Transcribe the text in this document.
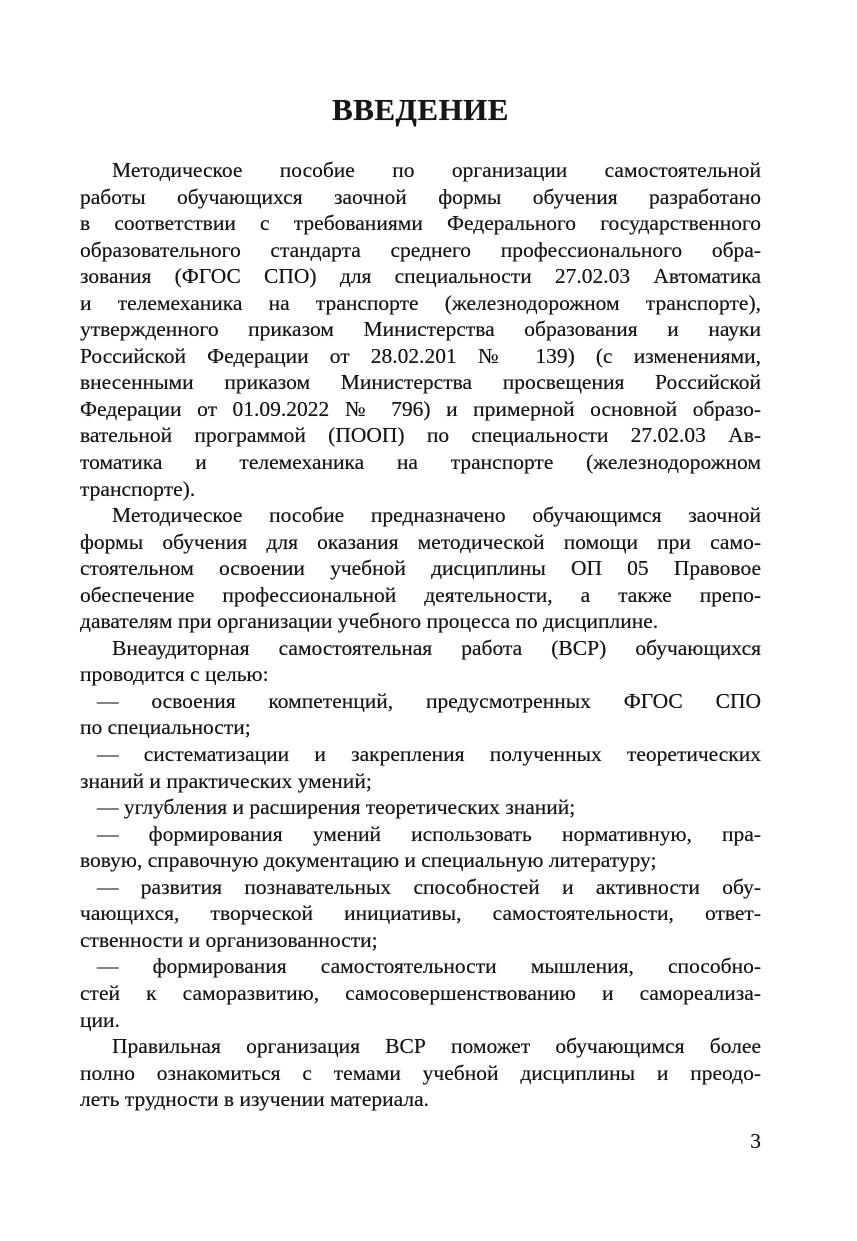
ВВЕДЕНИЕ
Методическое пособие по организации самостоятельной
работы обучающихся заочной формы обучения разработано
в соответствии с требованиями Федерального государственного
образовательного стандарта среднего профессионального обра-
зования (ФГОС СПО) для специальности 27.02.03 Автоматика
и телемеханика на транспорте (железнодорожном транспорте),
утвержденного приказом Министерства образования и науки
Российской Федерации от 28.02.201 № 139) (с изменениями,
внесенными приказом Министерства просвещения Российской
Федерации от 01.09.2022 № 796) и примерной основной образо-
вательной программой (ПООП) по специальности 27.02.03 Ав-
томатика и телемеханика на транспорте (железнодорожном
транспорте).
Методическое пособие предназначено обучающимся заочной
формы обучения для оказания методической помощи при само-
стоятельном освоении учебной дисциплины ОП 05 Правовое
обеспечение профессиональной деятельности, а также препо-
давателям при организации учебного процесса по дисциплине.
Внеаудиторная самостоятельная работа (ВСР) обучающихся
проводится с целью:
— освоения компетенций, предусмотренных ФГОС СПО
по специальности;
— систематизации и закрепления полученных теоретических
знаний и практических умений;
— углубления и расширения теоретических знаний;
— формирования умений использовать нормативную, пра-
вовую, справочную документацию и специальную литературу;
— развития познавательных способностей и активности обу-
чающихся, творческой инициативы, самостоятельности, ответ-
ственности и организованности;
— формирования самостоятельности мышления, способно-
стей к саморазвитию, самосовершенствованию и самореализа-
ции.
Правильная организация ВСР поможет обучающимся более
полно ознакомиться с темами учебной дисциплины и преодо-
леть трудности в изучении материала.
3
